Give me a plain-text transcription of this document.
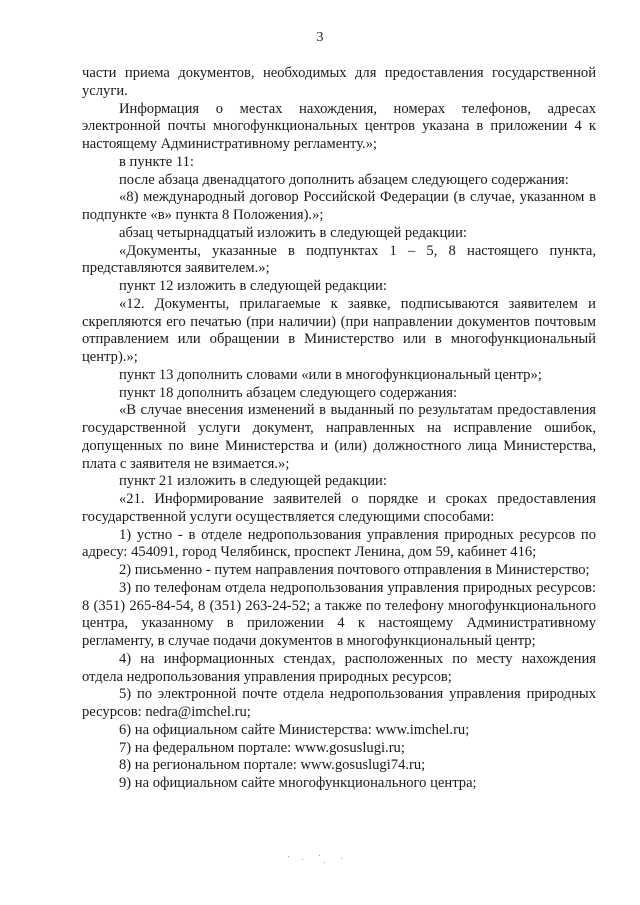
3

части приема документов, необходимых для предоставления государственной услуги.

Информация о местах нахождения, номерах телефонов, адресах электронной почты многофункциональных центров указана в приложении 4 к настоящему Административному регламенту.»;

в пункте 11:

после абзаца двенадцатого дополнить абзацем следующего содержания:

«8) международный договор Российской Федерации (в случае, указанном в подпункте «в» пункта 8 Положения).»;

абзац четырнадцатый изложить в следующей редакции:

«Документы, указанные в подпунктах 1 – 5, 8 настоящего пункта, представляются заявителем.»;

пункт 12 изложить в следующей редакции:

«12. Документы, прилагаемые к заявке, подписываются заявителем и скрепляются его печатью (при наличии) (при направлении документов почтовым отправлением или обращении в Министерство или в многофункциональный центр).»;

пункт 13 дополнить словами «или в многофункциональный центр»;

пункт 18 дополнить абзацем следующего содержания:

«В случае внесения изменений в выданный по результатам предоставления государственной услуги документ, направленных на исправление ошибок, допущенных по вине Министерства и (или) должностного лица Министерства, плата с заявителя не взимается.»;

пункт 21 изложить в следующей редакции:

«21. Информирование заявителей о порядке и сроках предоставления государственной услуги осуществляется следующими способами:

1) устно - в отделе недропользования управления природных ресурсов по адресу: 454091, город Челябинск, проспект Ленина, дом 59, кабинет 416;

2) письменно - путем направления почтового отправления в Министерство;

3) по телефонам отдела недропользования управления природных ресурсов: 8 (351) 265-84-54, 8 (351) 263-24-52; а также по телефону многофункционального центра, указанному в приложении 4 к настоящему Административному регламенту, в случае подачи документов в многофункциональный центр;

4) на информационных стендах, расположенных по месту нахождения отдела недропользования управления природных ресурсов;

5) по электронной почте отдела недропользования управления природных ресурсов: nedra@imchel.ru;

6) на официальном сайте Министерства: www.imchel.ru;

7) на федеральном портале: www.gosuslugi.ru;

8) на региональном портале: www.gosuslugi74.ru;

9) на официальном сайте многофункционального центра;
